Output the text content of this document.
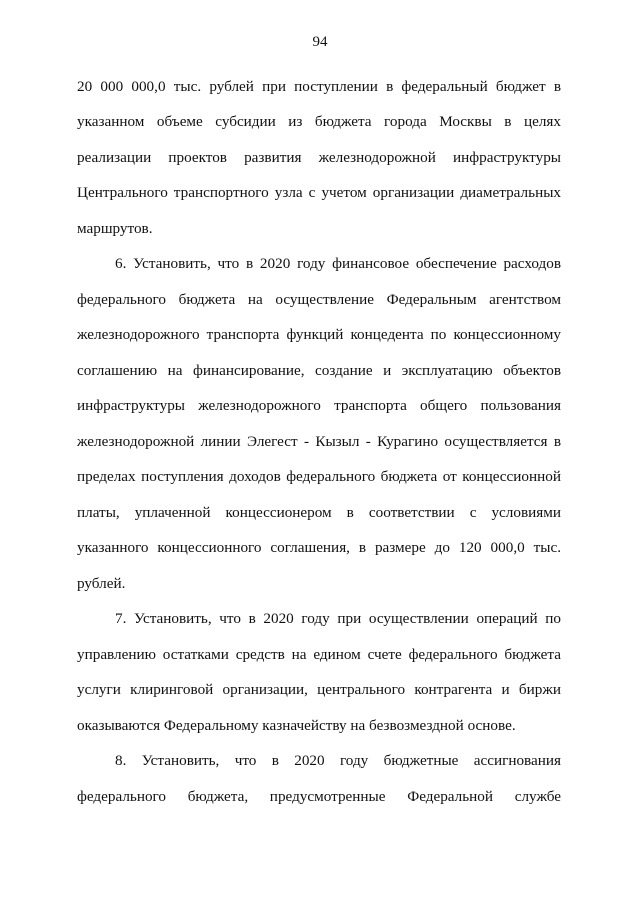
94
20 000 000,0 тыс. рублей при поступлении в федеральный бюджет в
указанном объеме субсидии из бюджета города Москвы в целях
реализации проектов развития железнодорожной инфраструктуры
Центрального транспортного узла с учетом организации диаметральных
маршрутов.
6. Установить, что в 2020 году финансовое обеспечение расходов
федерального бюджета на осуществление Федеральным агентством
железнодорожного транспорта функций концедента по концессионному
соглашению на финансирование, создание и эксплуатацию объектов
инфраструктуры железнодорожного транспорта общего пользования
железнодорожной линии Элегест - Кызыл - Курагино осуществляется в
пределах поступления доходов федерального бюджета от концессионной
платы, уплаченной концессионером в соответствии с условиями
указанного концессионного соглашения, в размере до 120 000,0 тыс.
рублей.
7. Установить, что в 2020 году при осуществлении операций по
управлению остатками средств на едином счете федерального бюджета
услуги клиринговой организации, центрального контрагента и биржи
оказываются Федеральному казначейству на безвозмездной основе.
8. Установить, что в 2020 году бюджетные ассигнования
федерального бюджета, предусмотренные Федеральной службе
